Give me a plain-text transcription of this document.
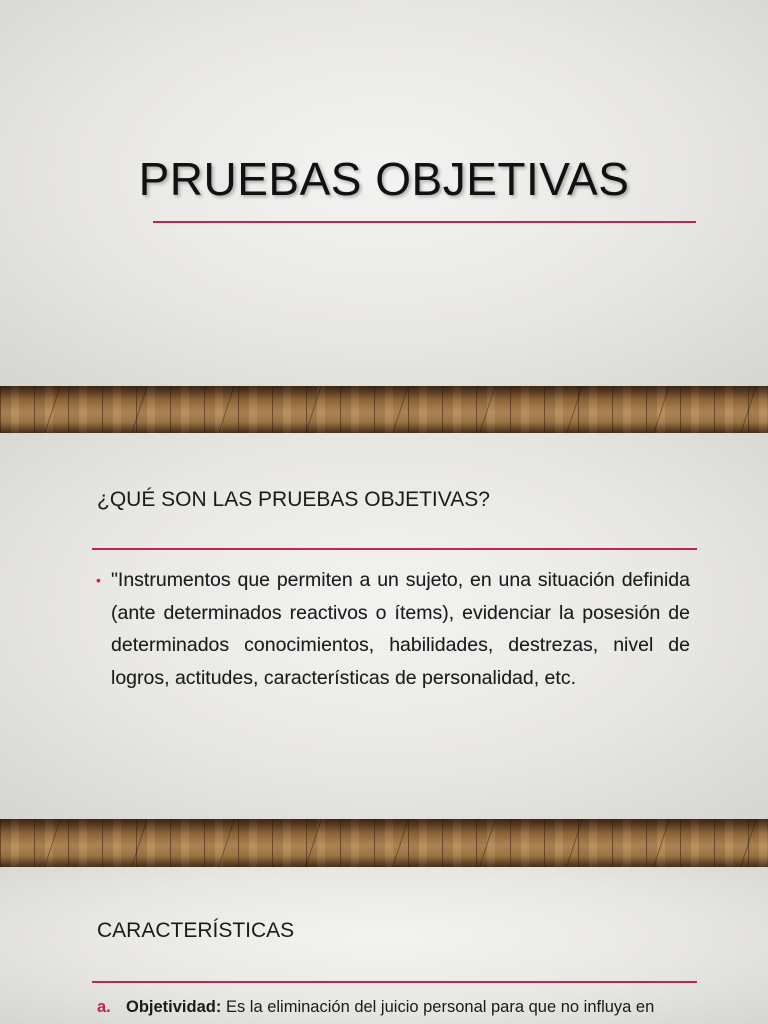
PRUEBAS OBJETIVAS
¿QUÉ SON LAS PRUEBAS OBJETIVAS?
• "Instrumentos que permiten a un sujeto, en una situación definida (ante determinados reactivos o ítems), evidenciar la posesión de determinados conocimientos, habilidades, destrezas, nivel de logros, actitudes, características de personalidad, etc.
CARACTERÍSTICAS
a. Objetividad: Es la eliminación del juicio personal para que no influya en
